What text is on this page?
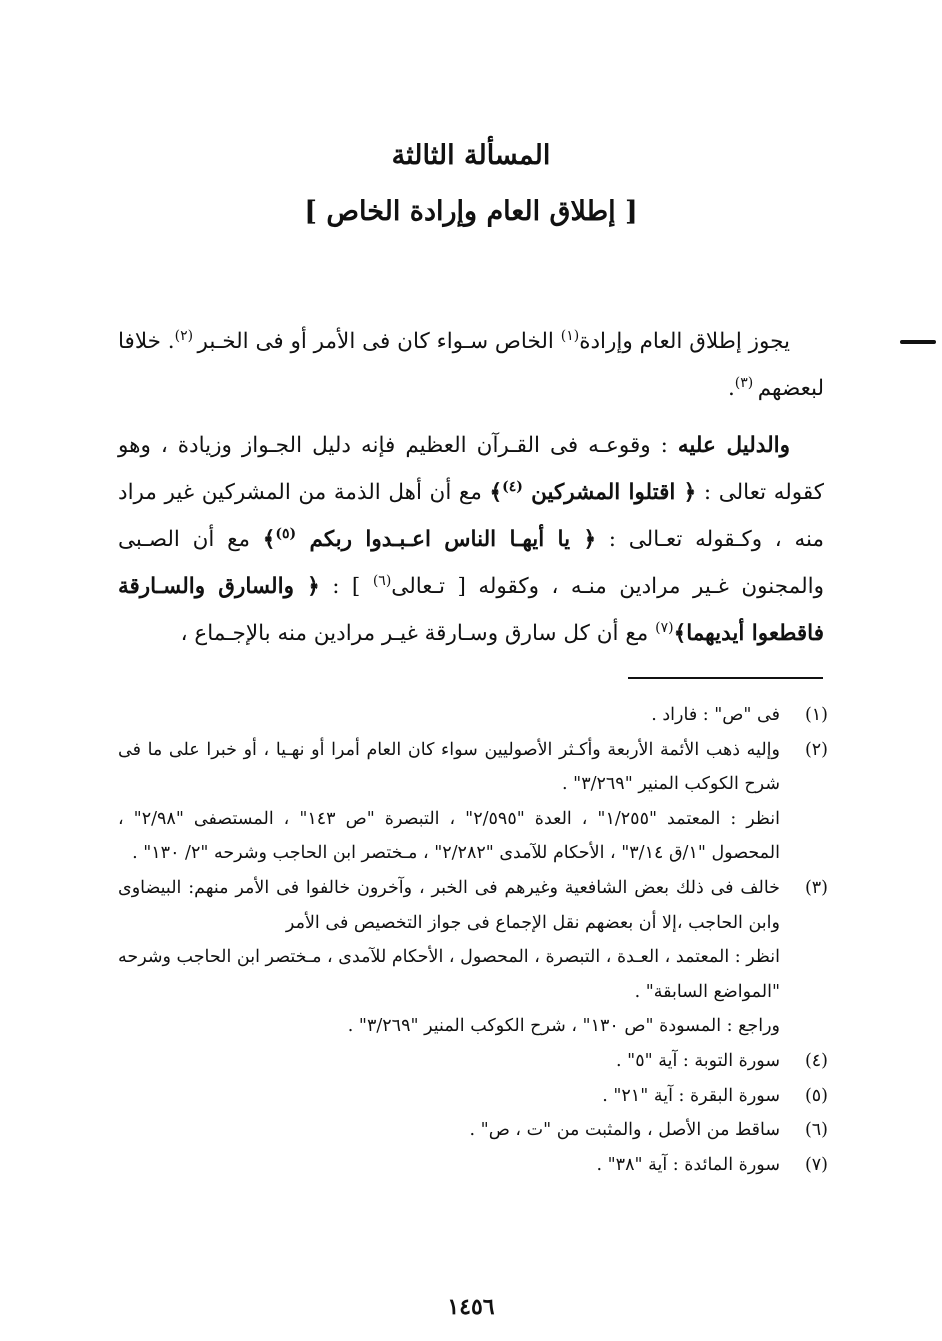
المسألة الثالثة
[ إطلاق العام وإرادة الخاص ]

يجوز إطلاق العام وإرادة$^{(١)}$ الخاص سـواء كان فى الأمر أو فى الخـبر $^{(٢)}$. خلافا لبعضهم $^{(٣)}$.

والدليل عليه : وقوعـه فى القـرآن العظيم فإنه دليل الجـواز وزيادة ، وهو كقوله تعالى : ﴿ اقتلوا المشركين $^{(٤)}$﴾ مع أن أهل الذمة من المشركين غير مراد منه ، وكـقوله تعـالى : ﴿ يا أيهـا الناس اعـبـدوا ربكم $^{(٥)}$﴾ مع أن الصـبى والمجنون غـير مرادين منـه ، وكقوله [ تـعالى$^{(٦)}$ ] : ﴿ والسارق والسـارقة فاقطعوا أيديهما﴾$^{(٧)}$ مع أن كل سارق وسـارقة غيـر مرادين منه بالإجـماع ،

(١)
فى "ص" : فاراد .
(٢)
وإليه ذهب الأئمة الأربعة وأكـثر الأصوليين سواء كان العام أمرا أو نهـيا ، أو خبرا على ما فى شرح الكوكب المنير "٣/٢٦٩" .
انظر : المعتمد "١/٢٥٥" ، العدة "٢/٥٩٥" ، التبصرة "ص ١٤٣" ، المستصفى "٢/٩٨" ، المحصول "١/ق ٣/١٤" ، الأحكام للآمدى "٢/٢٨٢" ، مـختصر ابن الحاجب وشرحه "٢/ ١٣٠" .
(٣)
خالف فى ذلك بعض الشافعية وغيرهم فى الخبر ، وآخرون خالفوا فى الأمر منهم: البيضاوى وابن الحاجب ،إلا أن بعضهم نقل الإجماع فى جواز التخصيص فى الأمر
انظر : المعتمد ، العـدة ، التبصرة ، المحصول ، الأحكام للآمدى ، مـختصر ابن الحاجب وشرحه "المواضع السابقة" .
وراجع : المسودة "ص ١٣٠" ، شرح الكوكب المنير "٣/٢٦٩" .
(٤)
سورة التوبة : آية "٥" .
(٥)
سورة البقرة : آية "٢١" .
(٦)
ساقط من الأصل ، والمثبت من "ت ، ص" .
(٧)
سورة المائدة : آية "٣٨" .
١٤٥٦
